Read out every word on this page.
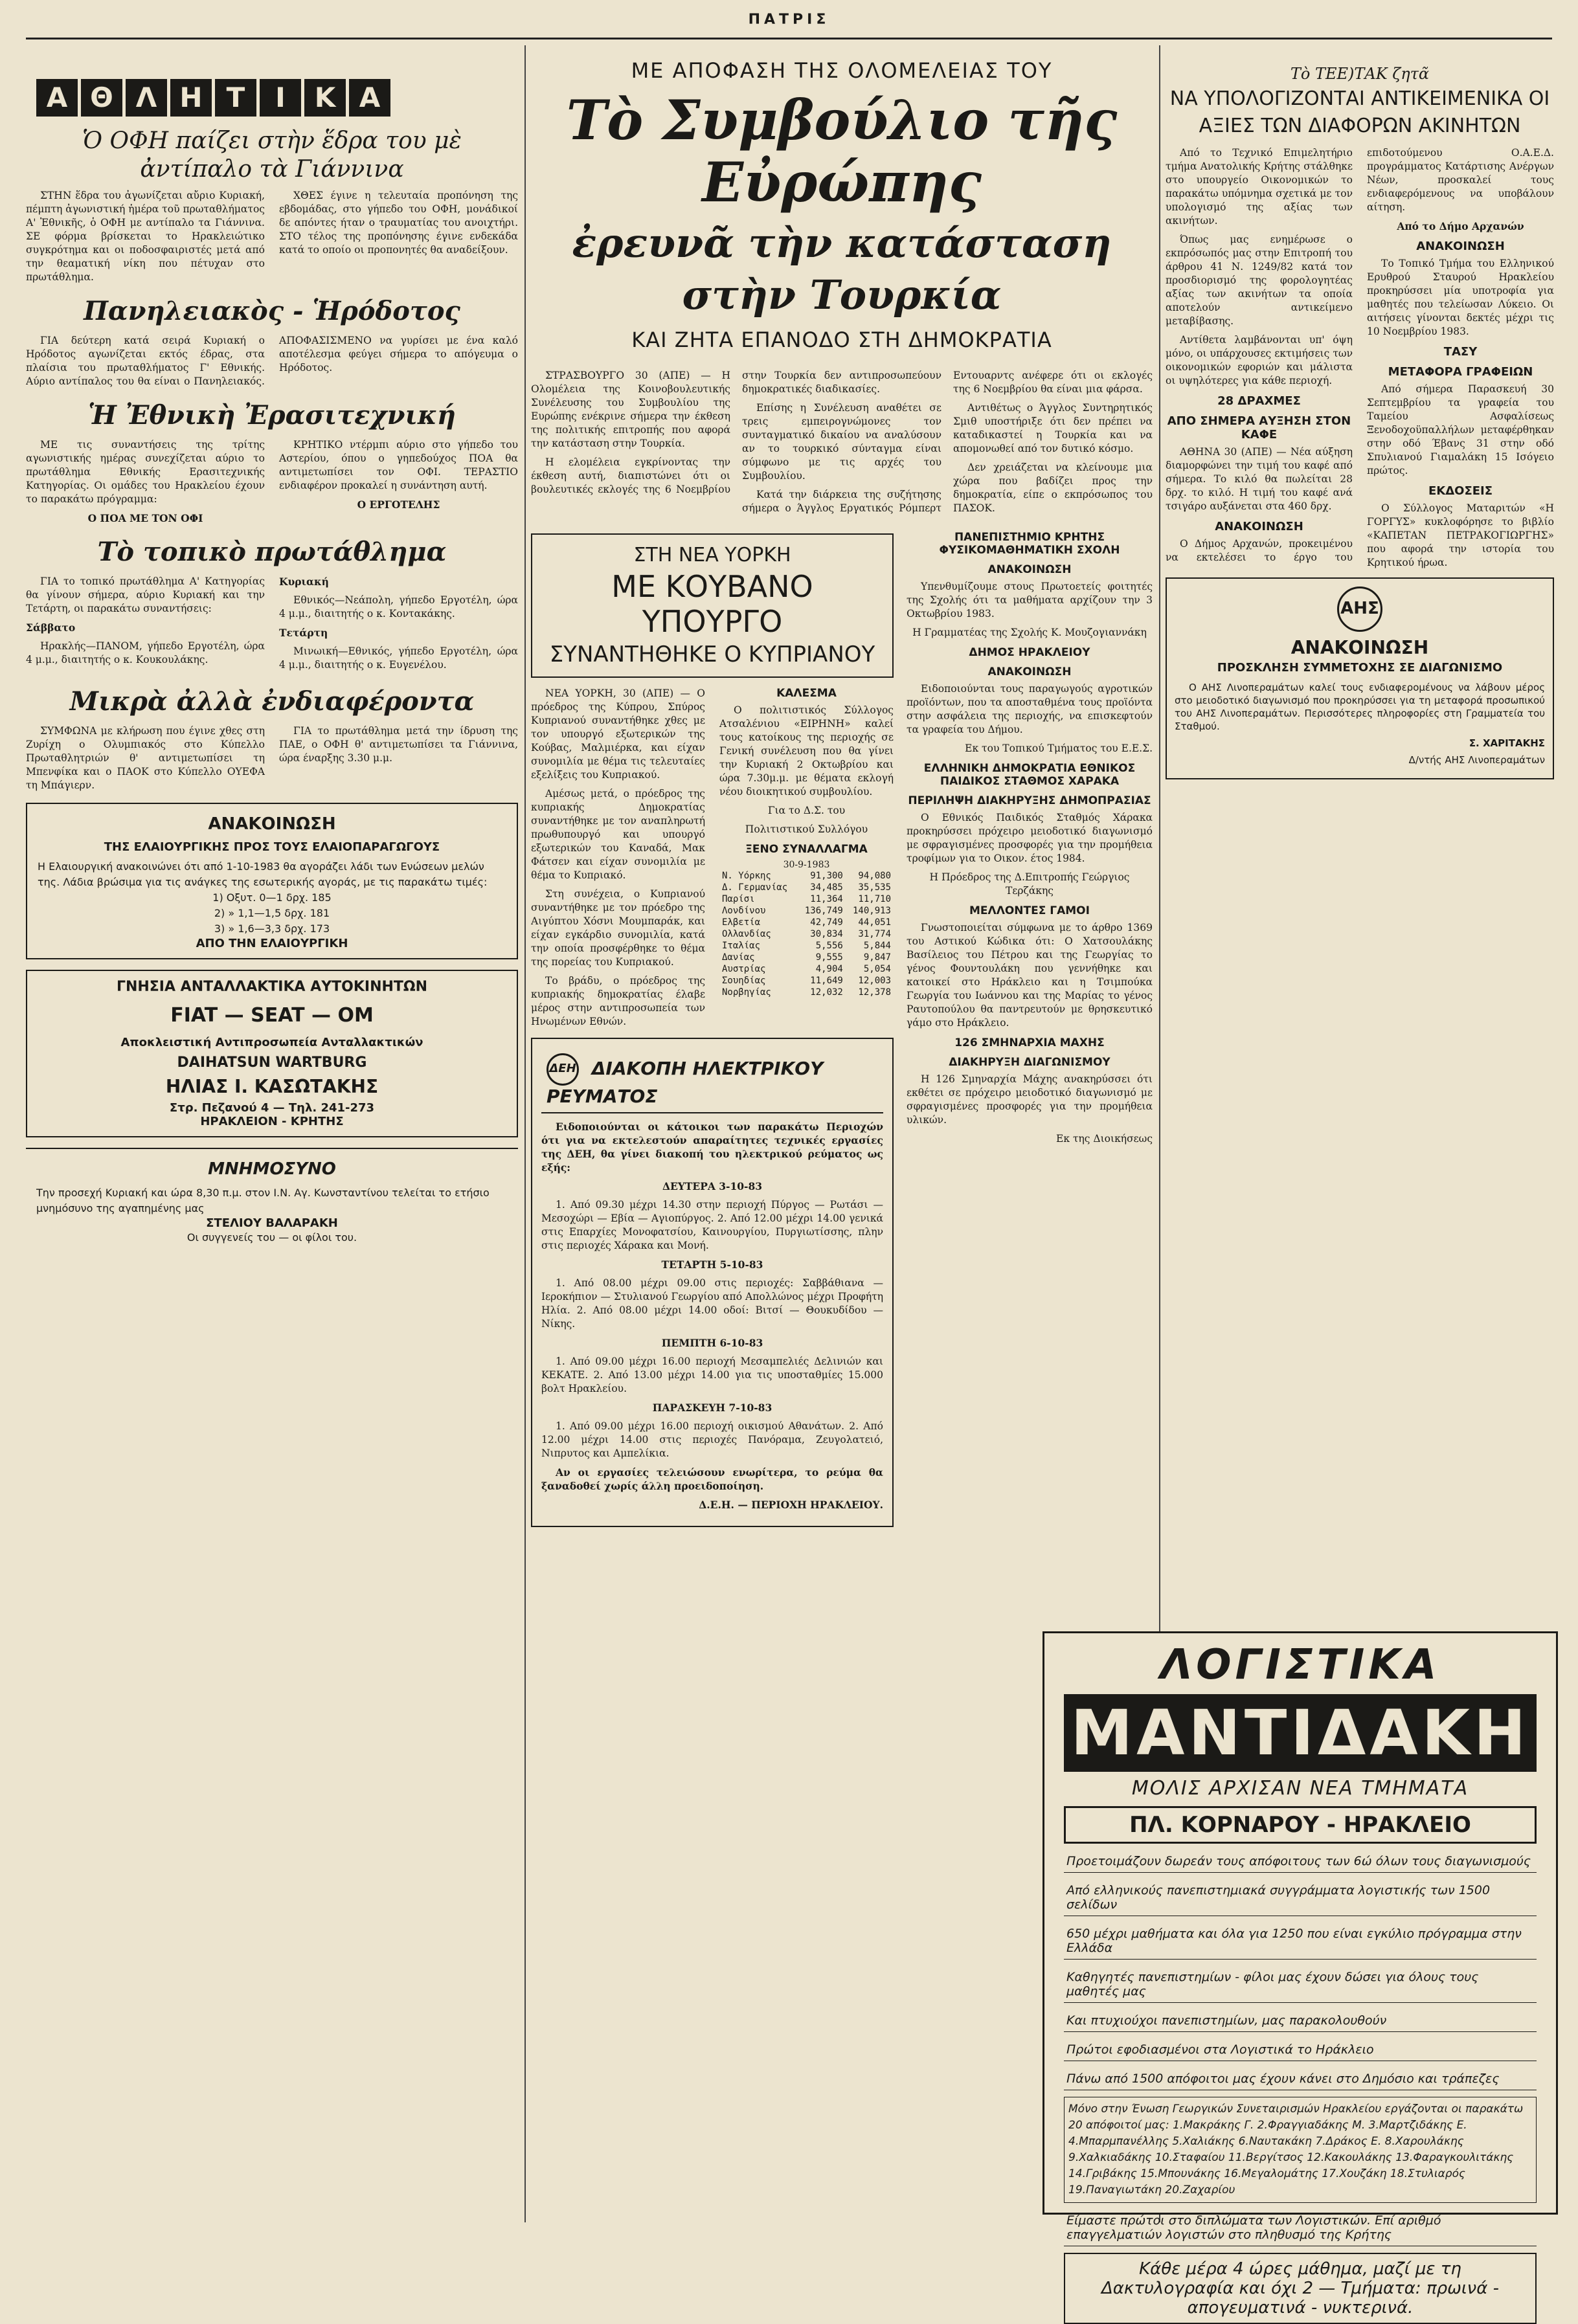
ΠΑΤΡΙΣ
Α Θ Λ Η Τ	Ι	Κ Α
Ὁ ΟΦΗ παίζει στὴν ἕδρα του μὲ ἀντίπαλο τὰ Γιάννινα

ΣΤΗΝ ἕδρα του ἀγωνίζεται αὔριο Κυριακή, πέμπτη ἀγωνιστική ἡμέρα τοῦ πρωταθλήματος Α' Ἐθνικῆς, ὁ ΟΦΗ με αντίπαλο τα Γιάννινα. ΣΕ φόρμα βρίσκεται το Ηρακλειώτικο συγκρότημα και οι ποδοσφαιριστές μετά από την θεαματική νίκη που πέτυχαν στο πρωτάθλημα.

ΧΘΕΣ έγινε η τελευταία προπόνηση της εβδομάδας, στο γήπεδο του ΟΦΗ, μονάδικοί δε απόντες ήταν ο τραυματίας του ανοιχτήρι. ΣΤΟ τέλος της προπόνησης έγινε ενδεκάδα κατά το οποίο οι προπονητές θα αναδείξουν.

Πανηλειακὸς - Ἡρόδοτος

ΓΙΑ δεύτερη κατά σειρά Κυριακή ο Ηρόδοτος αγωνίζεται εκτός έδρας, στα πλαίσια του πρωταθλήματος Γ' Εθνικής. Αύριο αντίπαλος του θα είναι ο Πανηλειακός. ΑΠΟΦΑΣΙΣΜΕΝΟ να γυρίσει με ένα καλό αποτέλεσμα φεύγει σήμερα το απόγευμα ο Ηρόδοτος.

Ἡ Ἐθνικὴ Ἐρασιτεχνική

ΜΕ τις συναντήσεις της τρίτης αγωνιστικής ημέρας συνεχίζεται αύριο το πρωτάθλημα Εθνικής Ερασιτεχνικής Κατηγορίας. Οι ομάδες του Ηρακλείου έχουν το παρακάτω πρόγραμμα:

Ο ΠΟΑ ΜΕ ΤΟΝ ΟΦΙ

ΚΡΗΤΙΚΟ ντέρμπι αύριο στο γήπεδο του Αστερίου, όπου ο γηπεδούχος ΠΟΑ θα αντιμετωπίσει τον ΟΦΙ. ΤΕΡΑΣΤΙΟ ενδιαφέρον προκαλεί η συνάντηση αυτή.

Ο ΕΡΓΟΤΕΛΗΣ

Τὸ τοπικὸ πρωτάθλημα

ΓΙΑ το τοπικό πρωτάθλημα Α' Κατηγορίας θα γίνουν σήμερα, αύριο Κυριακή και την Τετάρτη, οι παρακάτω συναντήσεις:

Σάββατο

Ηρακλής—ΠΑΝΟΜ, γήπεδο Εργοτέλη, ώρα 4 μ.μ., διαιτητής ο κ. Κουκουλάκης.

Κυριακή

Εθνικός—Νεάπολη, γήπεδο Εργοτέλη, ώρα 4 μ.μ., διαιτητής ο κ. Κοντακάκης.

Τετάρτη

Μινωική—Εθνικός, γήπεδο Εργοτέλη, ώρα 4 μ.μ., διαιτητής ο κ. Ευγενέλου.

Μικρὰ ἀλλὰ ἐνδιαφέροντα

ΣΥΜΦΩΝΑ με κλήρωση που έγινε χθες στη Ζυρίχη ο Ολυμπιακός στο Κύπελλο Πρωταθλητριών θ' αντιμετωπίσει τη Μπενφίκα και ο ΠΑΟΚ στο Κύπελλο ΟΥΕΦΑ τη Μπάγιερν.

ΓΙΑ το πρωτάθλημα μετά την ίδρυση της ΠΑΕ, ο ΟΦΗ θ' αντιμετωπίσει τα Γιάννινα, ώρα έναρξης 3.30 μ.μ.

ΑΝΑΚΟΙΝΩΣΗ
ΤΗΣ ΕΛΑΙΟΥΡΓΙΚΗΣ ΠΡΟΣ ΤΟΥΣ ΕΛΑΙΟΠΑΡΑΓΩΓΟΥΣ
Η Ελαιουργική ανακοινώνει ότι από 1-10-1983 θα αγοράζει λάδι των Ενώσεων μελών της. Λάδια βρώσιμα για τις ανάγκες της εσωτερικής αγοράς, με τις παρακάτω τιμές:
1) Οξυτ. 0—1 δρχ. 185
2) » 1,1—1,5 δρχ. 181
3) » 1,6—3,3 δρχ. 173
ΑΠΟ ΤΗΝ ΕΛΑΙΟΥΡΓΙΚΗ
ΓΝΗΣΙΑ ΑΝΤΑΛΛΑΚΤΙΚΑ ΑΥΤΟΚΙΝΗΤΩΝ
FIAT — SEAT — OM
Αποκλειστική Αντιπροσωπεία Ανταλλακτικών
DAIHATSUN WARTBURG
ΗΛΙΑΣ Ι. ΚΑΣΩΤΑΚΗΣ
Στρ. Πεζανού 4 — Τηλ. 241-273
ΗΡΑΚΛΕΙΟΝ - ΚΡΗΤΗΣ
ΜΝΗΜΟΣΥΝΟ
Την προσεχή Κυριακή και ώρα 8,30 π.μ. στον Ι.Ν. Αγ. Κωνσταντίνου τελείται το ετήσιο μνημόσυνο της αγαπημένης μας
ΣΤΕΛΙΟΥ ΒΑΛΑΡΑΚΗ
Οι συγγενείς του — οι φίλοι του.
ΜΕ ΑΠΟΦΑΣΗ ΤΗΣ ΟΛΟΜΕΛΕΙΑΣ ΤΟΥ
Τὸ Συμβούλιο τῆς Εὐρώπης
ἐρευνᾶ τὴν κατάσταση στὴν Τουρκία
ΚΑΙ ΖΗΤΑ ΕΠΑΝΟΔΟ ΣΤΗ ΔΗΜΟΚΡΑΤΙΑ

ΣΤΡΑΣΒΟΥΡΓΟ 30 (ΑΠΕ) — Η Ολομέλεια της Κοινοβουλευτικής Συνέλευσης του Συμβουλίου της Ευρώπης ενέκρινε σήμερα την έκθεση της πολιτικής επιτροπής που αφορά την κατάσταση στην Τουρκία.

Η ελομέλεια εγκρίνοντας την έκθεση αυτή, διαπιστώνει ότι οι βουλευτικές εκλογές της 6 Νοεμβρίου στην Τουρκία δεν αντιπροσωπεύουν δημοκρατικές διαδικασίες.

Επίσης η Συνέλευση αναθέτει σε τρεις εμπειρογνώμονες τον συνταγματικό δικαίου να αναλύσουν αν το τουρκικό σύνταγμα είναι σύμφωνο με τις αρχές του Συμβουλίου.

Κατά την διάρκεια της συζήτησης σήμερα ο Άγγλος Εργατικός Ρόμπερτ Εντουαρντς ανέφερε ότι οι εκλογές της 6 Νοεμβρίου θα είναι μια φάρσα.

Αντιθέτως ο Άγγλος Συντηρητικός Σμιθ υποστήριξε ότι δεν πρέπει να καταδικαστεί η Τουρκία και να απομονωθεί από τον δυτικό κόσμο.

Δεν χρειάζεται να κλείνουμε μια χώρα που βαδίζει προς την δημοκρατία, είπε ο εκπρόσωπος του ΠΑΣΟΚ.

ΣΤΗ ΝΕΑ ΥΟΡΚΗ
ΜΕ ΚΟΥΒΑΝΟ ΥΠΟΥΡΓΟ
ΣΥΝΑΝΤΗΘΗΚΕ Ο ΚΥΠΡΙΑΝΟΥ

ΝΕΑ ΥΟΡΚΗ, 30 (ΑΠΕ) — Ο πρόεδρος της Κύπρου, Σπύρος Κυπριανού συναντήθηκε χθες με τον υπουργό εξωτερικών της Κούβας, Μαλμιέρκα, και είχαν συνομιλία με θέμα τις τελευταίες εξελίξεις του Κυπριακού.

Αμέσως μετά, ο πρόεδρος της κυπριακής Δημοκρατίας συναντήθηκε με τον αναπληρωτή πρωθυπουργό και υπουργό εξωτερικών του Καναδά, Μακ Φάτσεν και είχαν συνομιλία με θέμα το Κυπριακό.

Στη συνέχεια, ο Κυπριανού συναντήθηκε με τον πρόεδρο της Αιγύπτου Χόσνι Μουμπαράκ, και είχαν εγκάρδιο συνομιλία, κατά την οποία προσφέρθηκε το θέμα της πορείας του Κυπριακού.

Το βράδυ, ο πρόεδρος της κυπριακής δημοκρατίας έλαβε μέρος στην αντιπροσωπεία των Ηνωμένων Εθνών.

ΚΑΛΕΣΜΑ

Ο πολιτιστικός Σύλλογος Ατσαλένιου «ΕΙΡΗΝΗ» καλεί τους κατοίκους της περιοχής σε Γενική συνέλευση που θα γίνει την Κυριακή 2 Οκτωβρίου και ώρα 7.30μ.μ. με θέματα εκλογή νέου διοικητικού συμβουλίου.

Για το Δ.Σ. του

Πολιτιστικού Συλλόγου

ΞΕΝΟ ΣΥΝΑΛΛΑΓΜΑ
30-9-1983
Ν. Υόρκης	91,300	94,080
Δ. Γερμανίας	34,485	35,535
Παρίσι	11,364	11,710
Λονδίνου	136,749	140,913
Ελβετία	42,749	44,051
Ολλανδίας	30,834	31,774
Ιταλίας	5,556	5,844
Δανίας	9,555	9,847
Αυστρίας	4,904	5,054
Σουηδίας	11,649	12,003
Νορβηγίας	12,032	12,378
ΔΕΗ ΔΙΑΚΟΠΗ ΗΛΕΚΤΡΙΚΟΥ ΡΕΥΜΑΤΟΣ

Ειδοποιούνται οι κάτοικοι των παρακάτω Περιοχών ότι για να εκτελεστούν απαραίτητες τεχνικές εργασίες της ΔΕΗ, θα γίνει διακοπή του ηλεκτρικού ρεύματος ως εξής:

ΔΕΥΤΕΡΑ 3-10-83

1. Από 09.30 μέχρι 14.30 στην περιοχή Πύργος — Ρωτάσι — Μεσοχώρι — Εβία — Αγιοπύργος. 2. Από 12.00 μέχρι 14.00 γενικά στις Επαρχίες Μονοφατσίου, Καινουργίου, Πυργιωτίσσης, πλην στις περιοχές Χάρακα και Μονή.

ΤΕΤΑΡΤΗ 5-10-83

1. Από 08.00 μέχρι 09.00 στις περιοχές: Σαββάθιανα — Ιεροκήπιον — Στυλιανού Γεωργίου από Απολλώνος μέχρι Προφήτη Ηλία. 2. Από 08.00 μέχρι 14.00 οδοί: Βιτσί — Θουκυδίδου — Νίκης.

ΠΕΜΠΤΗ 6-10-83

1. Από 09.00 μέχρι 16.00 περιοχή Μεσαμπελιές Δελινιών και ΚΕΚΑΤΕ. 2. Από 13.00 μέχρι 14.00 για τις υποσταθμίες 15.000 βολτ Ηρακλείου.

ΠΑΡΑΣΚΕΥΗ 7-10-83

1. Από 09.00 μέχρι 16.00 περιοχή οικισμού Αθανάτων. 2. Από 12.00 μέχρι 14.00 στις περιοχές Πανόραμα, Ζευγολατειό, Νιπρυτος και Αμπελίκια.

Αν οι εργασίες τελειώσουν ενωρίτερα, το ρεύμα θα ξαναδοθεί χωρίς άλλη προειδοποίηση.

Δ.Ε.Η. — ΠΕΡΙΟΧΗ ΗΡΑΚΛΕΙΟΥ.

ΠΑΝΕΠΙΣΤΗΜΙΟ ΚΡΗΤΗΣ ΦΥΣΙΚΟΜΑΘΗΜΑΤΙΚΗ ΣΧΟΛΗ
ΑΝΑΚΟΙΝΩΣΗ

Υπενθυμίζουμε στους Πρωτοετείς φοιτητές της Σχολής ότι τα μαθήματα αρχίζουν την 3 Οκτωβρίου 1983.

Η Γραμματέας της Σχολής Κ. Μουζογιαννάκη

ΔΗΜΟΣ ΗΡΑΚΛΕΙΟΥ
ΑΝΑΚΟΙΝΩΣΗ

Ειδοποιούνται τους παραγωγούς αγροτικών προϊόντων, που τα αποσταθμένα τους προϊόντα στην ασφάλεια της περιοχής, να επισκεφτούν τα γραφεία του Δήμου.

Εκ του Τοπικού Τμήματος του Ε.Ε.Σ.

ΕΛΛΗΝΙΚΗ ΔΗΜΟΚΡΑΤΙΑ ΕΘΝΙΚΟΣ ΠΑΙΔΙΚΟΣ ΣΤΑΘΜΟΣ ΧΑΡΑΚΑ
ΠΕΡΙΛΗΨΗ ΔΙΑΚΗΡΥΞΗΣ ΔΗΜΟΠΡΑΣΙΑΣ

Ο Εθνικός Παιδικός Σταθμός Χάρακα προκηρύσσει πρόχειρο μειοδοτικό διαγωνισμό με σφραγισμένες προσφορές για την προμήθεια τροφίμων για το Οικον. έτος 1984.

Η Πρόεδρος της Δ.Επιτροπής Γεώργιος Τερζάκης

ΜΕΛΛΟΝΤΕΣ ΓΑΜΟΙ

Γνωστοποιείται σύμφωνα με το άρθρο 1369 του Αστικού Κώδικα ότι: Ο Χατσουλάκης Βασίλειος του Πέτρου και της Γεωργίας το γένος Φουντουλάκη που γεννήθηκε και κατοικεί στο Ηράκλειο και η Τσιμπούκα Γεωργία του Ιωάννου και της Μαρίας το γένος Ραυτοπούλου θα παντρευτούν με θρησκευτικό γάμο στο Ηράκλειο.

126 ΣΜΗΝΑΡΧΙΑ ΜΑΧΗΣ
ΔΙΑΚΗΡΥΞΗ ΔΙΑΓΩΝΙΣΜΟΥ

Η 126 Σμηναρχία Μάχης ανακηρύσσει ότι εκθέτει σε πρόχειρο μειοδοτικό διαγωνισμό με σφραγισμένες προσφορές για την προμήθεια υλικών.

Εκ της Διοικήσεως

Τὸ ΤΕΕ)ΤΑΚ ζητᾶ
ΝΑ ΥΠΟΛΟΓΙΖΟΝΤΑΙ ΑΝΤΙΚΕΙΜΕΝΙΚΑ ΟΙ ΑΞΙΕΣ ΤΩΝ ΔΙΑΦΟΡΩΝ ΑΚΙΝΗΤΩΝ

Από το Τεχνικό Επιμελητήριο τμήμα Ανατολικής Κρήτης στάλθηκε στο υπουργείο Οικονομικών το παρακάτω υπόμνημα σχετικά με τον υπολογισμό της αξίας των ακινήτων.

Όπως μας ενημέρωσε ο εκπρόσωπός μας στην Επιτροπή του άρθρου 41 Ν. 1249/82 κατά τον προσδιορισμό της φορολογητέας αξίας των ακινήτων τα οποία αποτελούν αντικείμενο μεταβίβασης.

Αντίθετα λαμβάνονται υπ' όψη μόνο, οι υπάρχουσες εκτιμήσεις των οικονομικών εφοριών και μάλιστα οι υψηλότερες για κάθε περιοχή.

28 ΔΡΑΧΜΕΣ
ΑΠΟ ΣΗΜΕΡΑ ΑΥΞΗΣΗ ΣΤΟΝ ΚΑΦΕ

ΑΘΗΝΑ 30 (ΑΠΕ) — Νέα αύξηση διαμορφώνει την τιμή του καφέ από σήμερα. Το κιλό θα πωλείται 28 δρχ. το κιλό. Η τιμή του καφέ ανά τσιγάρο αυξάνεται στα 460 δρχ.

ΑΝΑΚΟΙΝΩΣΗ

Ο Δήμος Αρχανών, προκειμένου να εκτελέσει το έργο του επιδοτούμενου Ο.Α.Ε.Δ. προγράμματος Κατάρτισης Ανέργων Νέων, προσκαλεί τους ενδιαφερόμενους να υποβάλουν αίτηση.

Από το Δήμο Αρχανών

ΑΝΑΚΟΙΝΩΣΗ

Το Τοπικό Τμήμα του Ελληνικού Ερυθρού Σταυρού Ηρακλείου προκηρύσσει μία υποτροφία για μαθητές που τελείωσαν Λύκειο. Οι αιτήσεις γίνονται δεκτές μέχρι τις 10 Νοεμβρίου 1983.

ΤΑΣΥ
ΜΕΤΑΦΟΡΑ ΓΡΑΦΕΙΩΝ

Από σήμερα Παρασκευή 30 Σεπτεμβρίου τα γραφεία του Ταμείου Ασφαλίσεως Ξενοδοχοϋπαλλήλων μεταφέρθηκαν στην οδό Έβανς 31 στην οδό Σπυλιανού Γιαμαλάκη 15 Ισόγειο πρώτος.

ΕΚΔΟΣΕΙΣ

Ο Σύλλογος Ματαριτών «Η ΓΟΡΓΥΣ» κυκλοφόρησε το βιβλίο «ΚΑΠΕΤΑΝ ΠΕΤΡΑΚΟΓΙΩΡΓΗΣ» που αφορά την ιστορία του Κρητικού ήρωα.

ΑΗΣ
ΑΝΑΚΟΙΝΩΣΗ
ΠΡΟΣΚΛΗΣΗ ΣΥΜΜΕΤΟΧΗΣ ΣΕ ΔΙΑΓΩΝΙΣΜΟ

Ο ΑΗΣ Λινοπεραμάτων καλεί τους ενδιαφερομένους να λάβουν μέρος στο μειοδοτικό διαγωνισμό που προκηρύσσει για τη μεταφορά προσωπικού του ΑΗΣ Λινοπεραμάτων. Περισσότερες πληροφορίες στη Γραμματεία του Σταθμού.

Σ. ΧΑΡΙΤΑΚΗΣ

Δ/ντής ΑΗΣ Λινοπεραμάτων

ΛΟΓΙΣΤΙΚΑ
ΜΑΝΤΙΔΑΚΗ
ΜΟΛΙΣ ΑΡΧΙΣΑΝ ΝΕΑ ΤΜΗΜΑΤΑ
ΠΛ. ΚΟΡΝΑΡΟΥ - ΗΡΑΚΛΕΙΟ
Προετοιμάζουν δωρεάν τους απόφοιτους των 6ώ όλων τους διαγωνισμούς
Από ελληνικούς πανεπιστημιακά συγγράμματα λογιστικής των 1500 σελίδων
650 μέχρι μαθήματα και όλα για 1250 που είναι εγκύλιο πρόγραμμα στην Ελλάδα
Καθηγητές πανεπιστημίων - φίλοι μας έχουν δώσει για όλους τους μαθητές μας
Και πτυχιούχοι πανεπιστημίων, μας παρακολουθούν
Πρώτοι εφοδιασμένοι στα Λογιστικά το Ηράκλειο
Πάνω από 1500 απόφοιτοι μας έχουν κάνει στο Δημόσιο και τράπεζες
Μόνο στην Ένωση Γεωργικών Συνεταιρισμών Ηρακλείου εργάζονται οι παρακάτω 20 απόφοιτοί μας: 1.Μακράκης Γ. 2.Φραγγιαδάκης Μ. 3.Μαρτζιδάκης Ε. 4.Μπαρμπανέλλης 5.Χαλιάκης 6.Ναυτακάκη 7.Δράκος Ε. 8.Χαρουλάκης 9.Χαλκιαδάκης 10.Σταφαίου 11.Βεργίτσος 12.Κακουλάκης 13.Φαραγκουλιτάκης 14.Γριβάκης 15.Μπουνάκης 16.Μεγαλομάτης 17.Χουζάκη 18.Στυλιαρός 19.Παναγιωτάκη 20.Ζαχαρίου
Είμαστε πρώτοι στο διπλώματα των Λογιστικών. Επί αριθμό επαγγελματιών λογιστών στο πληθυσμό της Κρήτης
Κάθε μέρα 4 ώρες μάθημα, μαζί με τη Δακτυλογραφία και όχι 2 — Τμήματα: πρωινά - απογευματινά - νυκτερινά.
